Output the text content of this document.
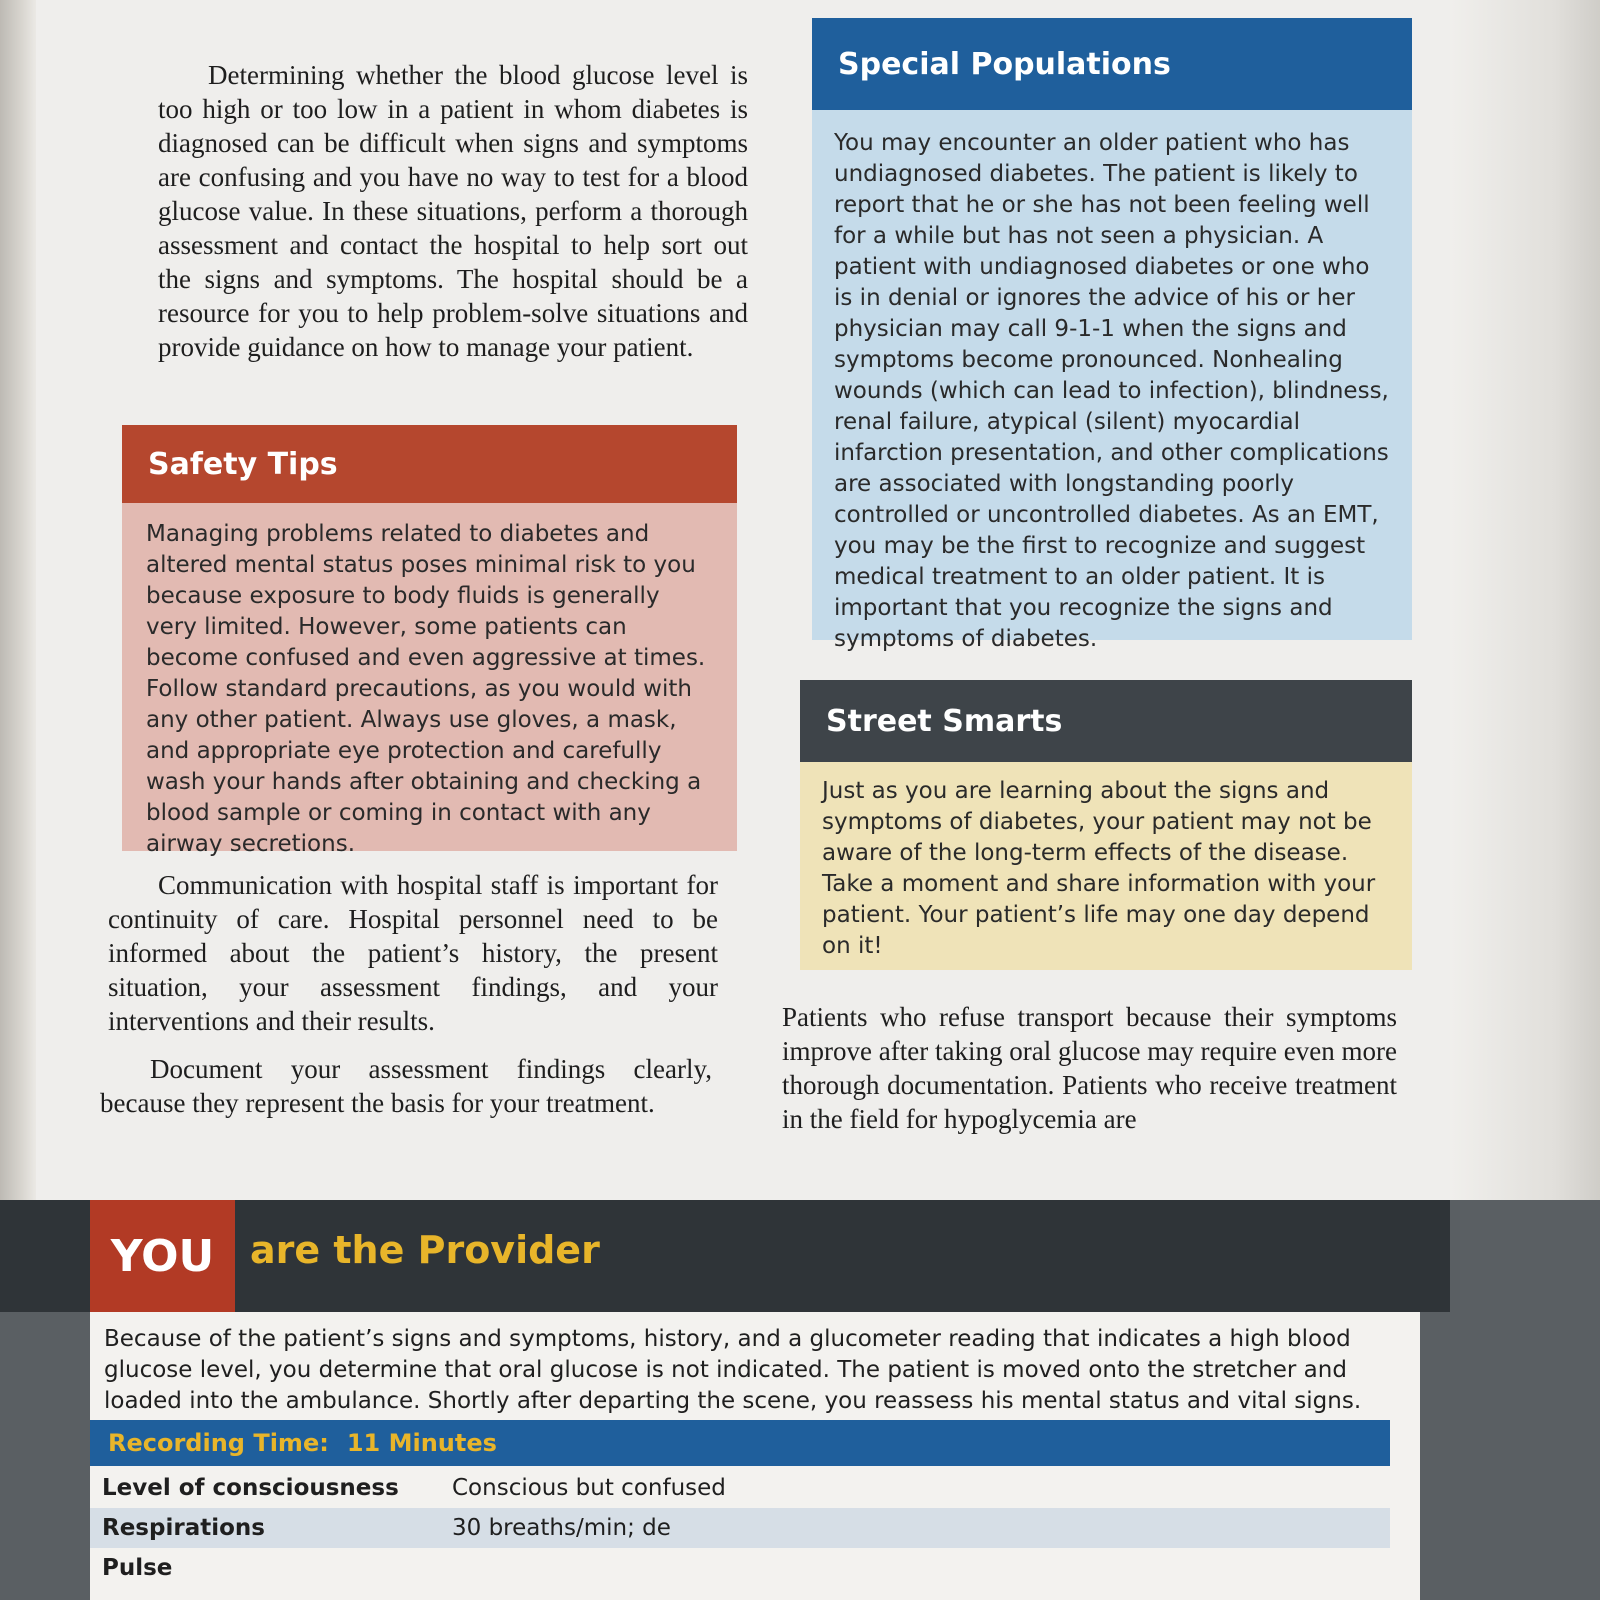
Determining whether the blood glucose level is too high or too low in a patient in whom diabetes is diagnosed can be difficult when signs and symptoms are confusing and you have no way to test for a blood glucose value. In these situations, perform a thorough assessment and contact the hospital to help sort out the signs and symptoms. The hospital should be a resource for you to help problem-solve situations and provide guidance on how to manage your patient.

Safety Tips
Managing problems related to diabetes and altered mental status poses minimal risk to you because exposure to body fluids is generally very limited. However, some patients can become confused and even aggressive at times. Follow standard precautions, as you would with any other patient. Always use gloves, a mask, and appropriate eye protection and carefully wash your hands after obtaining and checking a blood sample or coming in contact with any airway secretions.

Communication with hospital staff is important for continuity of care. Hospital personnel need to be informed about the patient’s history, the present situation, your assessment findings, and your interventions and their results.

Document your assessment findings clearly, because they represent the basis for your treatment.

Special Populations
You may encounter an older patient who has undiagnosed diabetes. The patient is likely to report that he or she has not been feeling well for a while but has not seen a physician. A patient with undiagnosed diabetes or one who is in denial or ignores the advice of his or her physician may call 9-1-1 when the signs and symptoms become pronounced. Nonhealing wounds (which can lead to infection), blindness, renal failure, atypical (silent) myocardial infarction presentation, and other complications are associated with longstanding poorly controlled or uncontrolled diabetes. As an EMT, you may be the first to recognize and suggest medical treatment to an older patient. It is important that you recognize the signs and symptoms of diabetes.
Street Smarts
Just as you are learning about the signs and symptoms of diabetes, your patient may not be aware of the long-term effects of the disease. Take a moment and share information with your patient. Your patient’s life may one day depend on it!

Patients who refuse transport because their symptoms improve after taking oral glucose may require even more thorough documentation. Patients who receive treatment in the field for hypoglycemia are

YOU are the Provider

Because of the patient’s signs and symptoms, history, and a glucometer reading that indicates a high blood glucose level, you determine that oral glucose is not indicated. The patient is moved onto the stretcher and loaded into the ambulance. Shortly after departing the scene, you reassess his mental status and vital signs.

Recording Time: 11 Minutes
Level of consciousness	Conscious but confused
Respirations	30 breaths/min; de
Pulse
